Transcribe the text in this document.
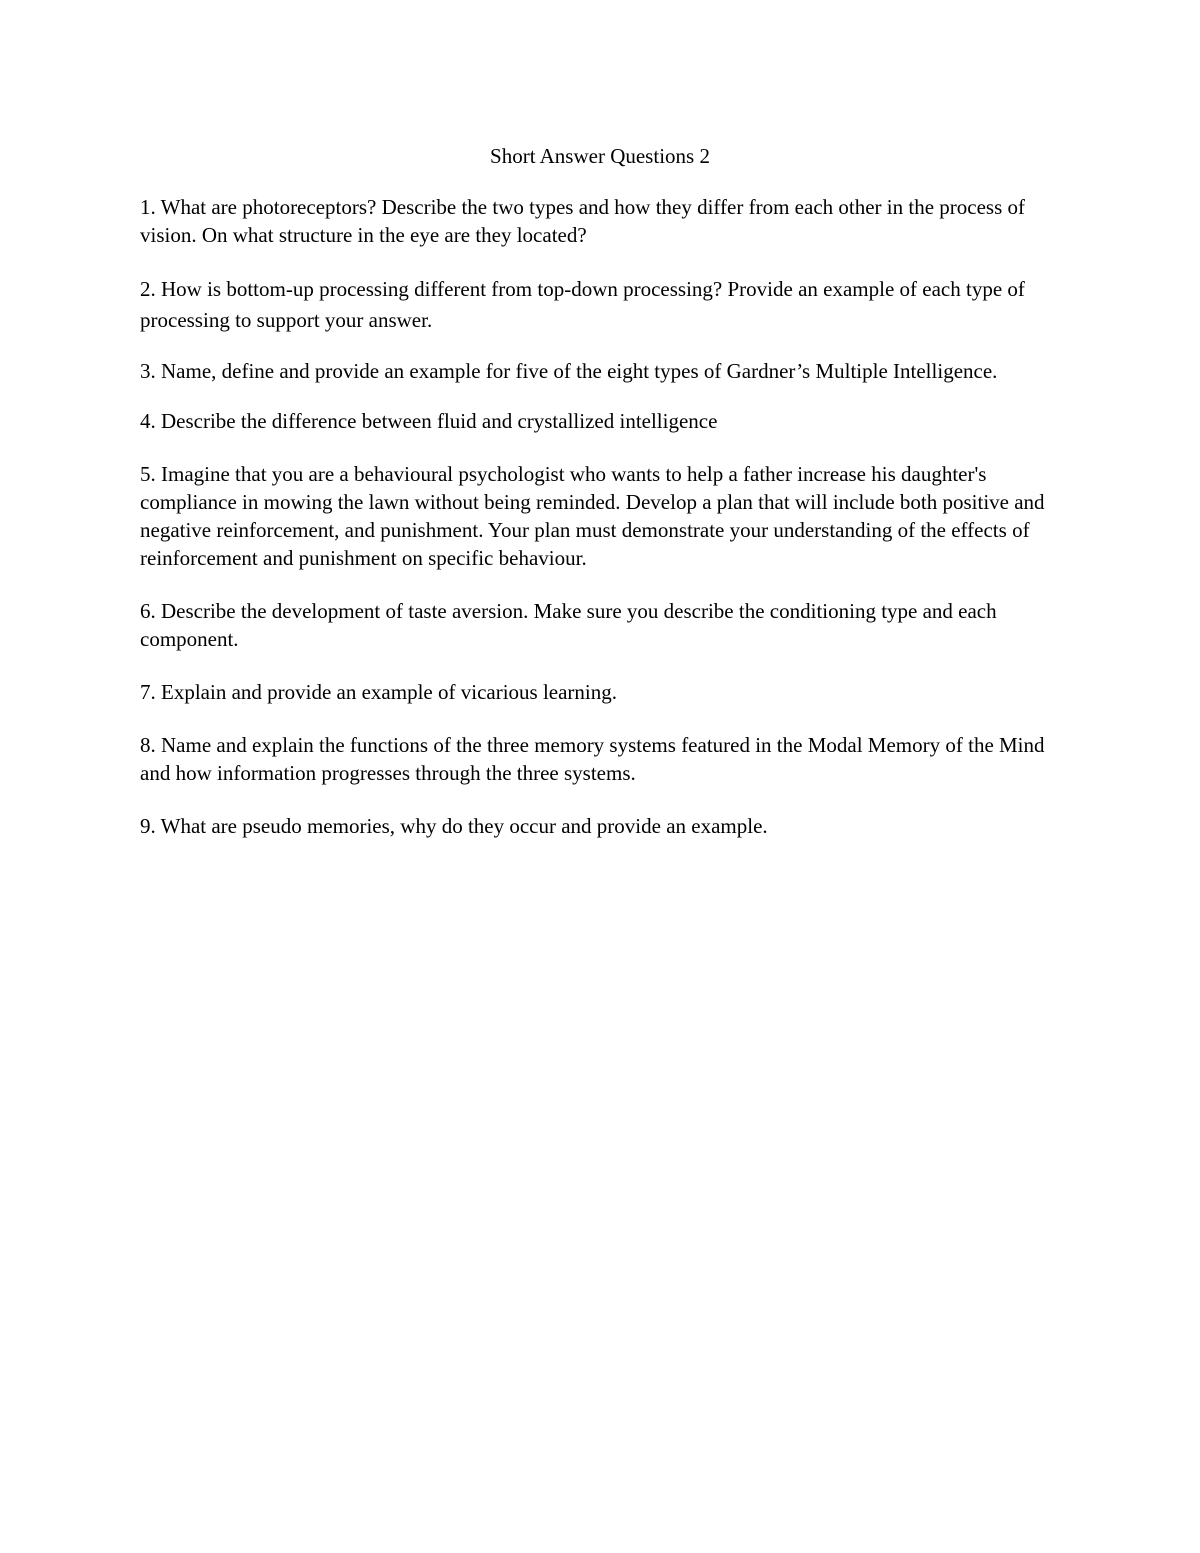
Short Answer Questions 2
1. What are photoreceptors? Describe the two types and how they differ from each other in the process of vision. On what structure in the eye are they located?
2. How is bottom-up processing different from top-down processing? Provide an example of each type of processing to support your answer.
3. Name, define and provide an example for five of the eight types of Gardner’s Multiple Intelligence.
4. Describe the difference between fluid and crystallized intelligence
5. Imagine that you are a behavioural psychologist who wants to help a father increase his daughter's compliance in mowing the lawn without being reminded. Develop a plan that will include both positive and negative reinforcement, and punishment. Your plan must demonstrate your understanding of the effects of reinforcement and punishment on specific behaviour.
6. Describe the development of taste aversion. Make sure you describe the conditioning type and each component.
7. Explain and provide an example of vicarious learning.
8. Name and explain the functions of the three memory systems featured in the Modal Memory of the Mind and how information progresses through the three systems.
9. What are pseudo memories, why do they occur and provide an example.
